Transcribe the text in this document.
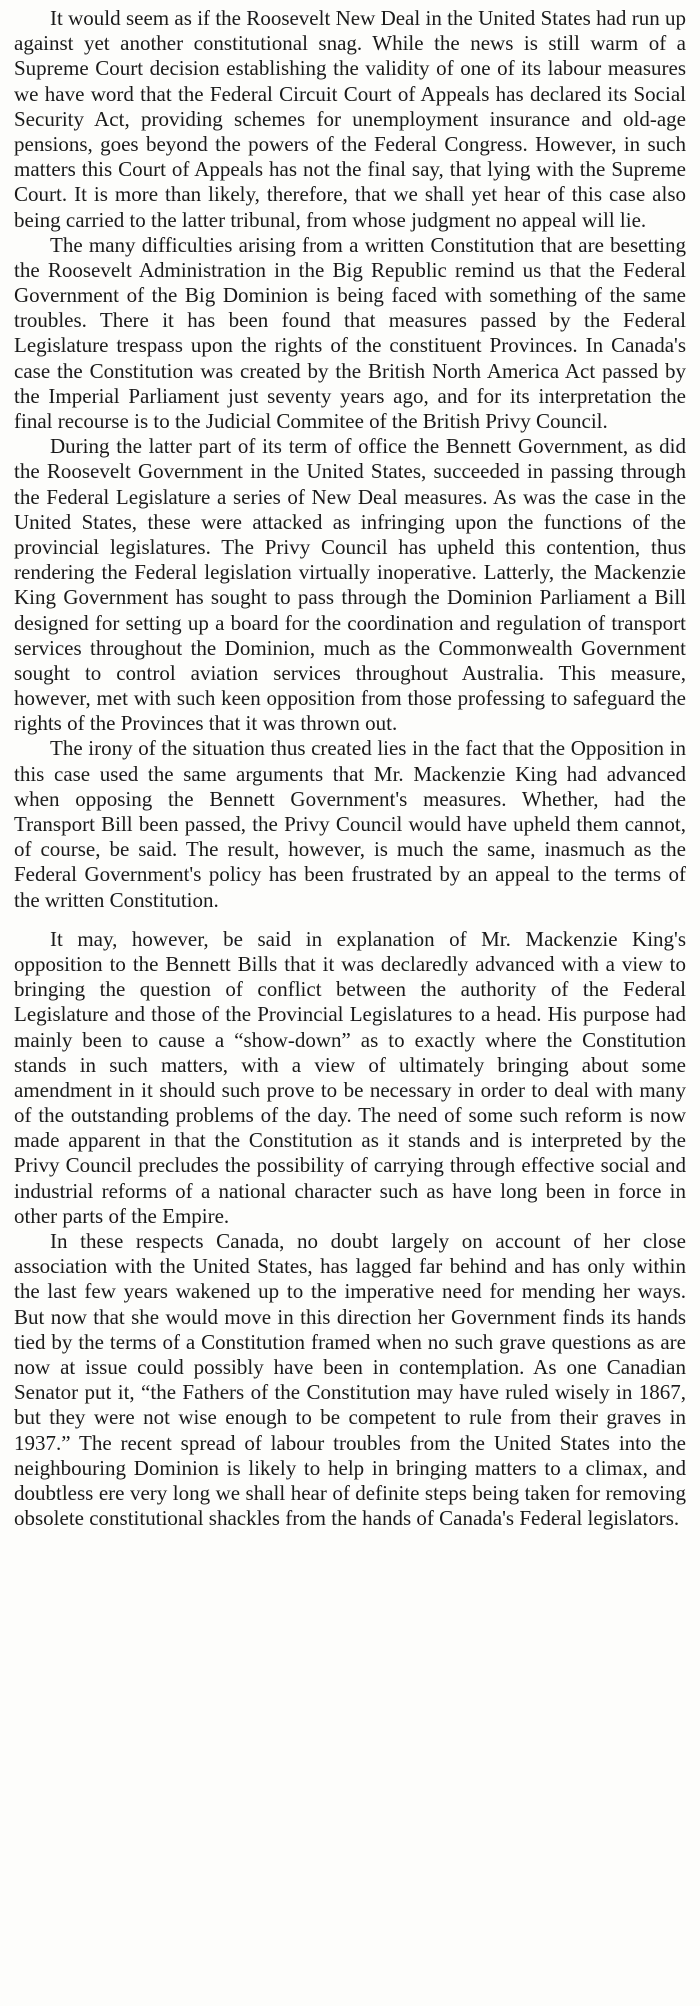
It would seem as if the Roosevelt New Deal in the United States had run up against yet another constitutional snag. While the news is still warm of a Supreme Court decision establishing the validity of one of its labour measures we have word that the Federal Circuit Court of Appeals has declared its Social Security Act, providing schemes for unemployment insurance and old-age pensions, goes beyond the powers of the Federal Congress. However, in such matters this Court of Appeals has not the final say, that lying with the Supreme Court. It is more than likely, therefore, that we shall yet hear of this case also being carried to the latter tribunal, from whose judgment no appeal will lie.

The many difficulties arising from a written Constitution that are besetting the Roosevelt Administration in the Big Republic remind us that the Federal Government of the Big Dominion is being faced with something of the same troubles. There it has been found that measures passed by the Federal Legislature trespass upon the rights of the constituent Provinces. In Canada's case the Constitution was created by the British North America Act passed by the Imperial Parliament just seventy years ago, and for its interpretation the final recourse is to the Judicial Commitee of the British Privy Council.

During the latter part of its term of office the Bennett Government, as did the Roosevelt Government in the United States, succeeded in passing through the Federal Legislature a series of New Deal measures. As was the case in the United States, these were attacked as infringing upon the functions of the provincial legislatures. The Privy Council has upheld this contention, thus rendering the Federal legislation virtually inoperative. Latterly, the Mackenzie King Government has sought to pass through the Dominion Parliament a Bill designed for setting up a board for the coordination and regulation of transport services throughout the Dominion, much as the Commonwealth Government sought to control aviation services throughout Australia. This measure, however, met with such keen opposition from those professing to safeguard the rights of the Provinces that it was thrown out.

The irony of the situation thus created lies in the fact that the Opposition in this case used the same arguments that Mr. Mackenzie King had advanced when opposing the Bennett Government's measures. Whether, had the Transport Bill been passed, the Privy Council would have upheld them cannot, of course, be said. The result, however, is much the same, inasmuch as the Federal Government's policy has been frustrated by an appeal to the terms of the written Constitution.

It may, however, be said in explanation of Mr. Mackenzie King's opposition to the Bennett Bills that it was declaredly advanced with a view to bringing the question of conflict between the authority of the Federal Legislature and those of the Provincial Legislatures to a head. His purpose had mainly been to cause a “show-down” as to exactly where the Constitution stands in such matters, with a view of ultimately bringing about some amendment in it should such prove to be necessary in order to deal with many of the outstanding problems of the day. The need of some such reform is now made apparent in that the Constitution as it stands and is interpreted by the Privy Council precludes the possibility of carrying through effective social and industrial reforms of a national character such as have long been in force in other parts of the Empire.

In these respects Canada, no doubt largely on account of her close association with the United States, has lagged far behind and has only within the last few years wakened up to the imperative need for mending her ways. But now that she would move in this direction her Government finds its hands tied by the terms of a Constitution framed when no such grave questions as are now at issue could possibly have been in contemplation. As one Canadian Senator put it, “the Fathers of the Constitution may have ruled wisely in 1867, but they were not wise enough to be competent to rule from their graves in 1937.” The recent spread of labour troubles from the United States into the neighbouring Dominion is likely to help in bringing matters to a climax, and doubtless ere very long we shall hear of definite steps being taken for removing obsolete constitutional shackles from the hands of Canada's Federal legislators.
